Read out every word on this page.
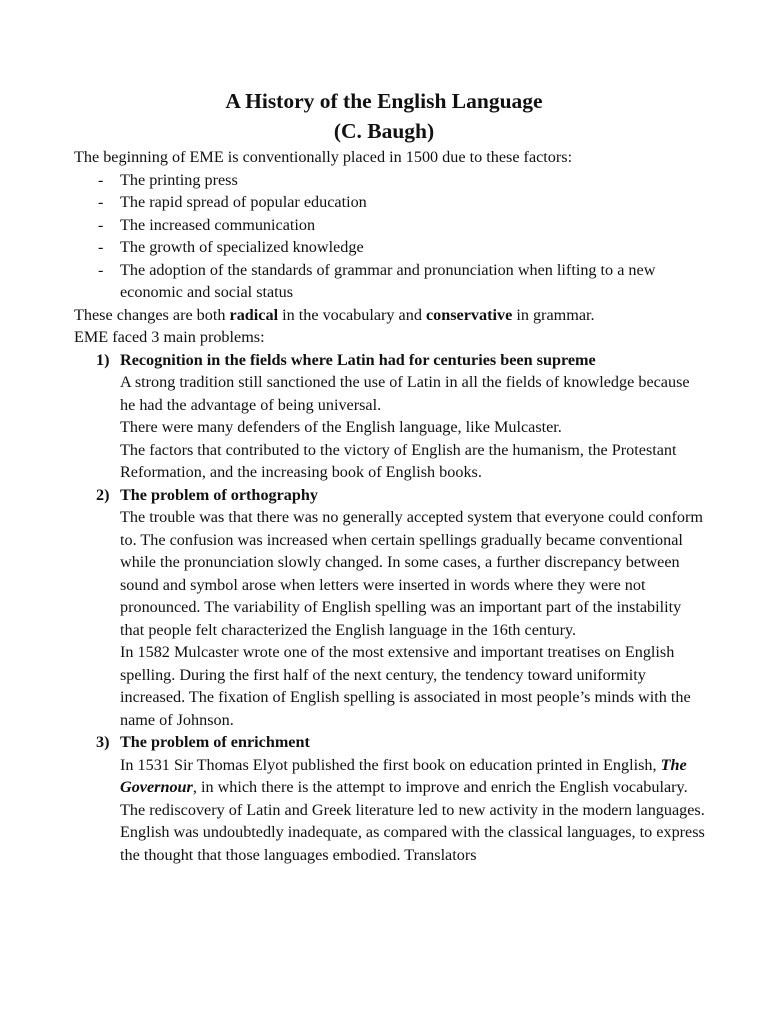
A History of the English Language
(C. Baugh)

The beginning of EME is conventionally placed in 1500 due to these factors:

- The printing press
- The rapid spread of popular education
- The increased communication
- The growth of specialized knowledge
- The adoption of the standards of grammar and pronunciation when lifting to a new economic and social status

These changes are both radical in the vocabulary and conservative in grammar.

EME faced 3 main problems:

1) Recognition in the fields where Latin had for centuries been supreme

A strong tradition still sanctioned the use of Latin in all the fields of knowledge because he had the advantage of being universal.

There were many defenders of the English language, like Mulcaster.

The factors that contributed to the victory of English are the humanism, the Protestant Reformation, and the increasing book of English books.

2) The problem of orthography

The trouble was that there was no generally accepted system that everyone could conform to. The confusion was increased when certain spellings gradually became conventional while the pronunciation slowly changed. In some cases, a further discrepancy between sound and symbol arose when letters were inserted in words where they were not pronounced. The variability of English spelling was an important part of the instability that people felt characterized the English language in the 16th century.

In 1582 Mulcaster wrote one of the most extensive and important treatises on English spelling. During the first half of the next century, the tendency toward uniformity increased. The fixation of English spelling is associated in most people’s minds with the name of Johnson.

3) The problem of enrichment

In 1531 Sir Thomas Elyot published the first book on education printed in English, The Governour, in which there is the attempt to improve and enrich the English vocabulary.

The rediscovery of Latin and Greek literature led to new activity in the modern languages.

English was undoubtedly inadequate, as compared with the classical languages, to express the thought that those languages embodied. Translators
